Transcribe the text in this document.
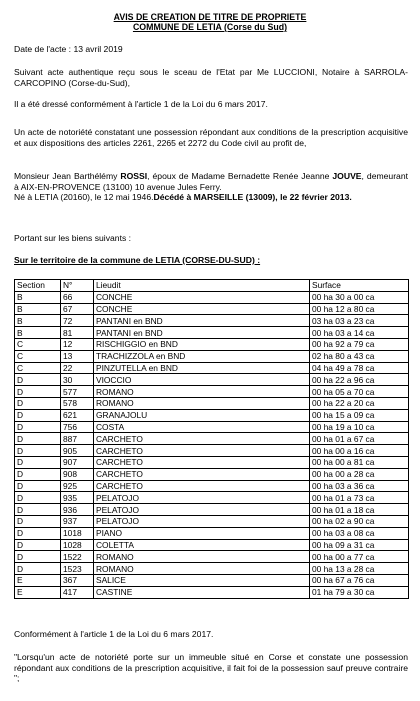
AVIS DE CREATION DE TITRE DE PROPRIETE
COMMUNE DE LETIA (Corse du Sud)
Date de l'acte : 13 avril 2019
Suivant acte authentique reçu sous le sceau de l'Etat par Me LUCCIONI, Notaire à SARROLA-CARCOPINO (Corse-du-Sud),
Il a été dressé conformément à l'article 1 de la Loi du 6 mars 2017.
Un acte de notoriété constatant une possession répondant aux conditions de la prescription acquisitive et aux dispositions des articles 2261, 2265 et 2272 du Code civil au profit de,
Monsieur Jean Barthélémy ROSSI, époux de Madame Bernadette Renée Jeanne JOUVE, demeurant à AIX-EN-PROVENCE (13100) 10 avenue Jules Ferry.
Né à LETIA (20160), le 12 mai 1946.Décédé à MARSEILLE (13009), le 22 février 2013.
Portant sur les biens suivants :
Sur le territoire de la commune de LETIA (CORSE-DU-SUD) :
Section	N°	Lieudit	Surface
B	66	CONCHE	00 ha 30 a 00 ca
B	67	CONCHE	00 ha 12 a 80 ca
B	72	PANTANI en BND	03 ha 03 a 23 ca
B	81	PANTANI en BND	00 ha 03 a 14 ca
C	12	RISCHIGGIO en BND	00 ha 92 a 79 ca
C	13	TRACHIZZOLA en BND	02 ha 80 a 43 ca
C	22	PINZUTELLA en BND	04 ha 49 a 78 ca
D	30	VIOCCIO	00 ha 22 a 96 ca
D	577	ROMANO	00 ha 05 a 70 ca
D	578	ROMANO	00 ha 22 a 20 ca
D	621	GRANAJOLU	00 ha 15 a 09 ca
D	756	COSTA	00 ha 19 a 10 ca
D	887	CARCHETO	00 ha 01 a 67 ca
D	905	CARCHETO	00 ha 00 a 16 ca
D	907	CARCHETO	00 ha 00 a 81 ca
D	908	CARCHETO	00 ha 00 a 28 ca
D	925	CARCHETO	00 ha 03 a 36 ca
D	935	PELATOJO	00 ha 01 a 73 ca
D	936	PELATOJO	00 ha 01 a 18 ca
D	937	PELATOJO	00 ha 02 a 90 ca
D	1018	PIANO	00 ha 03 a 08 ca
D	1028	COLETTA	00 ha 09 a 31 ca
D	1522	ROMANO	00 ha 00 a 77 ca
D	1523	ROMANO	00 ha 13 a 28 ca
E	367	SALICE	00 ha 67 a 76 ca
E	417	CASTINE	01 ha 79 a 30 ca
Conformément à l'article 1 de la Loi du 6 mars 2017.
"Lorsqu'un acte de notoriété porte sur un immeuble situé en Corse et constate une possession répondant aux conditions de la prescription acquisitive, il fait foi de la possession sauf preuve contraire ";
